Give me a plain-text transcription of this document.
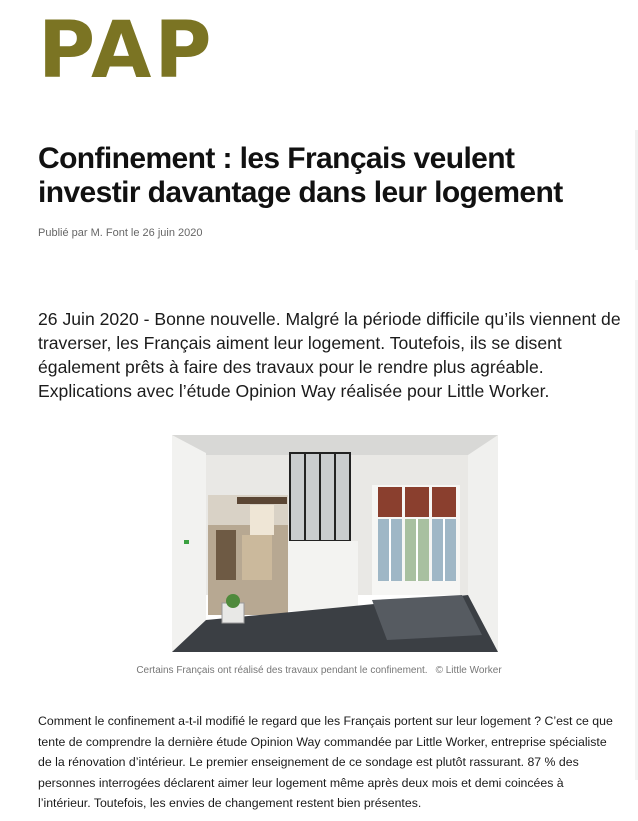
PAP
Confinement : les Français veulent investir davantage dans leur logement
Publié par M. Font le 26 juin 2020

26 Juin 2020 - Bonne nouvelle. Malgré la période difficile qu’ils viennent de traverser, les Français aiment leur logement. Toutefois, ils se disent également prêts à faire des travaux pour le rendre plus agréable. Explications avec l’étude Opinion Way réalisée pour Little Worker.

Certains Français ont réalisé des travaux pendant le confinement. © Little Worker

Comment le confinement a-t-il modifié le regard que les Français portent sur leur logement ? C’est ce que tente de comprendre la dernière étude Opinion Way commandée par Little Worker, entreprise spécialiste de la rénovation d’intérieur. Le premier enseignement de ce sondage est plutôt rassurant. 87 % des personnes interrogées déclarent aimer leur logement même après deux mois et demi coincées à l’intérieur. Toutefois, les envies de changement restent bien présentes.
